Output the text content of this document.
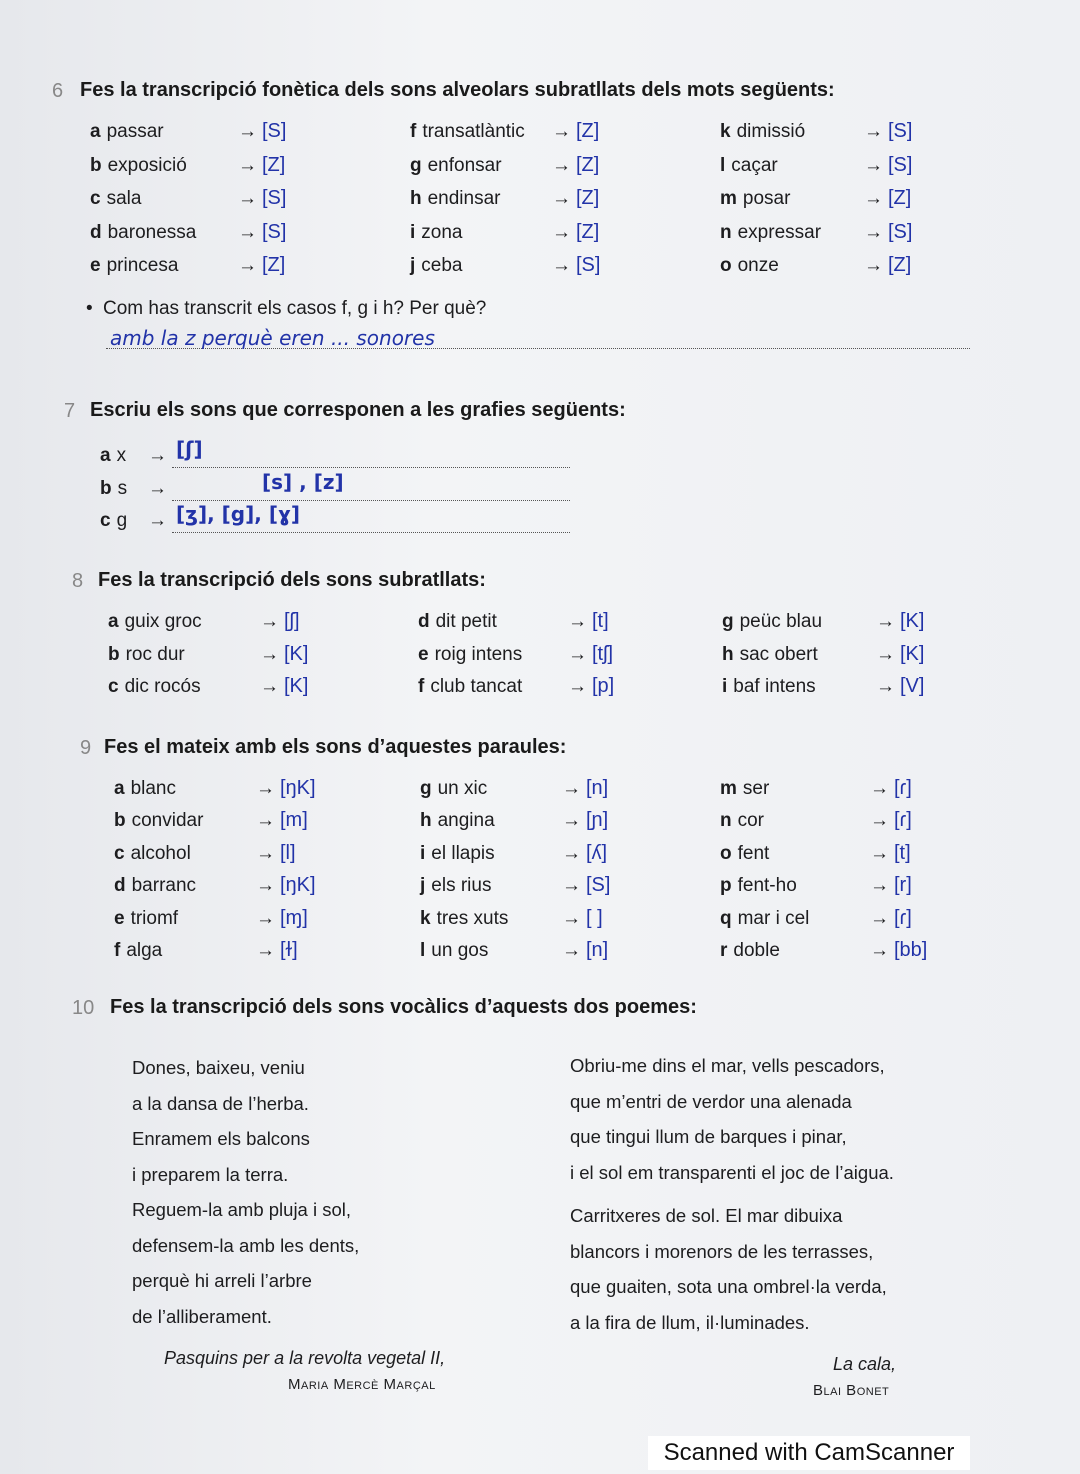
6 Fes la transcripció fonètica dels sons alveolars subratllats dels mots següents:
a passar	→ [S]
b exposició	→ [Z]
c sala	→ [S]
d baronessa → [S]
e princesa	→ [Z]
f transatlàntic → [Z]
g enfonsar	→ [Z]
h endinsar	→ [Z]
i zona	→ [Z]
j ceba	→ [S]
k dimissió	→ [S]
l caçar	→ [S]
m posar	→ [Z]
n expressar → [S]
o onze	→ [Z]
• Com has transcrit els casos f, g i h? Per què?
amb la z perquè eren ... sonores
7 Escriu els sons que corresponen a les grafies següents:
a x → [ʃ]
b s →	[s] , [z]
c g → [ʒ], [g], [ɣ]
8 Fes la transcripció dels sons subratllats:
a guix groc	→ [ʃ]
b roc dur	→ [K]
c dic rocós	→ [K]
d dit petit	→ [t]
e roig intens → [tʃ]
f club tancat → [p]
g peüc blau	→ [K]
h sac obert	→ [K]
i baf intens	→ [V]
9 Fes el mateix amb els sons d’aquestes paraules:
a blanc	→ [ŋK]
b convidar	→ [m]
c alcohol	→ [l]
d barranc	→ [ŋK]
e triomf	→ [ɱ]
f alga	→ [ɫ]
g un xic	→ [n]
h angina	→ [ɲ]
i el llapis	→ [ʎ]
j els rius	→ [S]
k tres xuts	→ [ ]
l un gos	→ [n]
m ser	→ [ɾ]
n cor	→ [ɾ]
o fent	→ [t]
p fent-ho	→ [r]
q mar i cel	→ [ɾ]
r doble	→ [bb]
10 Fes la transcripció dels sons vocàlics d’aquests dos poemes:
Dones, baixeu, veniu
a la dansa de l’herba.
Enramem els balcons
i preparem la terra.
Reguem-la amb pluja i sol,
defensem-la amb les dents,
perquè hi arreli l’arbre
de l’alliberament.
Pasquins per a la revolta vegetal II,
Maria Mercè Marçal
Obriu-me dins el mar, vells pescadors,
que m’entri de verdor una alenada
que tingui llum de barques i pinar,
i el sol em transparenti el joc de l’aigua.
Carritxeres de sol. El mar dibuixa
blancors i morenors de les terrasses,
que guaiten, sota una ombrel·la verda,
a la fira de llum, il·luminades.
La cala,
Blai Bonet
Scanned with CamScanner
